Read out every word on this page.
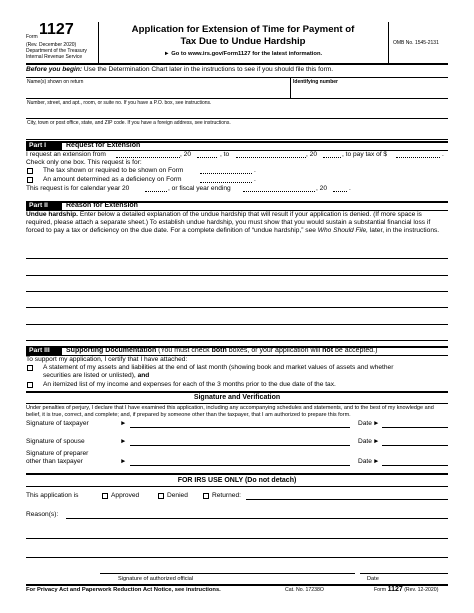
Form 1127
(Rev. December 2020)
Department of the Treasury
Internal Revenue Service
Application for Extension of Time for Payment of
Tax Due to Undue Hardship
► Go to www.irs.gov/Form1127 for the latest information.
OMB No. 1545-2131
Before you begin: Use the Determination Chart later in the instructions to see if you should file this form.
Name(s) shown on return	Identifying number
Number, street, and apt., room, or suite no. If you have a P.O. box, see instructions.
City, town or post office, state, and ZIP code. If you have a foreign address, see instructions.
Part I	Request for Extension
I request an extension from	, 20	, to	, 20	, to pay tax of $	.
Check only one box. This request is for:
The tax shown or required to be shown on Form	.
An amount determined as a deficiency on Form	.
This request is for calendar year 20	, or fiscal year ending	, 20	.
Part II	Reason for Extension
Undue hardship. Enter below a detailed explanation of the undue hardship that will result if your application is denied. (If more space is required, please attach a separate sheet.) To establish undue hardship, you must show that you would sustain a substantial financial loss if forced to pay a tax or deficiency on the due date. For a complete definition of “undue hardship,” see Who Should File, later, in the instructions.
Part III	Supporting Documentation (You must check both boxes, or your application will not be accepted.)
To support my application, I certify that I have attached:
A statement of my assets and liabilities at the end of last month (showing book and market values of assets and whether
securities are listed or unlisted), and
An itemized list of my income and expenses for each of the 3 months prior to the due date of the tax.
Signature and Verification
Under penalties of perjury, I declare that I have examined this application, including any accompanying schedules and statements, and to the best of my knowledge and belief, it is true, correct, and complete; and, if prepared by someone other than the taxpayer, that I am authorized to prepare this form.
Signature of taxpayer	►	Date ►
Signature of spouse	►	Date ►
Signature of preparer
other than taxpayer	►	Date ►
FOR IRS USE ONLY (Do not detach)
This application is	Approved	Denied	Returned:
Reason(s):
Signature of authorized official	Date
For Privacy Act and Paperwork Reduction Act Notice, see instructions.	Cat. No. 17238O	Form 1127 (Rev. 12-2020)
